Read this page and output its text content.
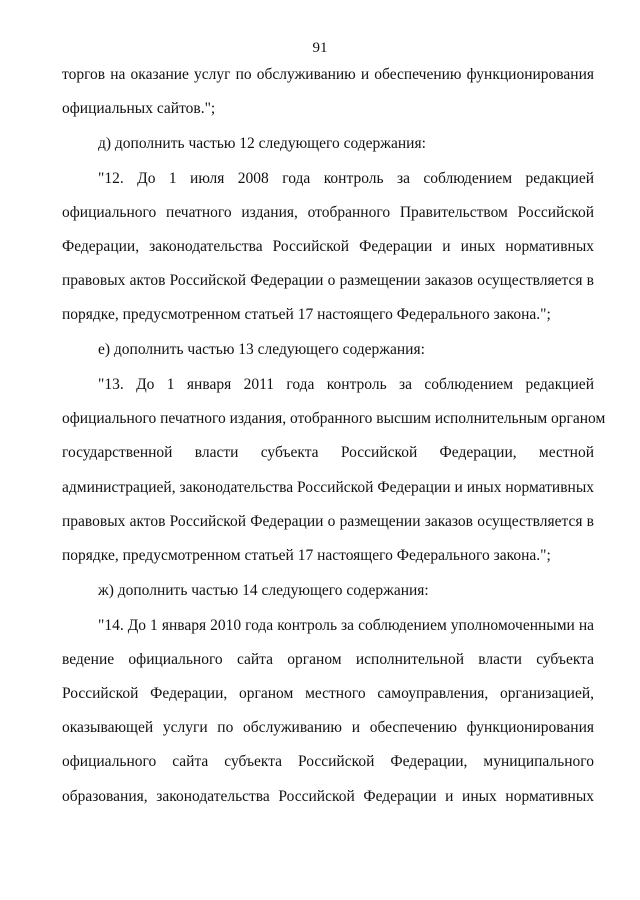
91
торгов на оказание услуг по обслуживанию и обеспечению функционирования
официальных сайтов.";
д) дополнить частью 12 следующего содержания:
"12. До 1 июля 2008 года контроль за соблюдением редакцией
официального печатного издания, отобранного Правительством Российской
Федерации, законодательства Российской Федерации и иных нормативных
правовых актов Российской Федерации о размещении заказов осуществляется в
порядке, предусмотренном статьей 17 настоящего Федерального закона.";
е) дополнить частью 13 следующего содержания:
"13. До 1 января 2011 года контроль за соблюдением редакцией
официального печатного издания, отобранного высшим исполнительным органом
государственной власти субъекта Российской Федерации, местной
администрацией, законодательства Российской Федерации и иных нормативных
правовых актов Российской Федерации о размещении заказов осуществляется в
порядке, предусмотренном статьей 17 настоящего Федерального закона.";
ж) дополнить частью 14 следующего содержания:
"14. До 1 января 2010 года контроль за соблюдением уполномоченными на
ведение официального сайта органом исполнительной власти субъекта
Российской Федерации, органом местного самоуправления, организацией,
оказывающей услуги по обслуживанию и обеспечению функционирования
официального сайта субъекта Российской Федерации, муниципального
образования, законодательства Российской Федерации и иных нормативных
